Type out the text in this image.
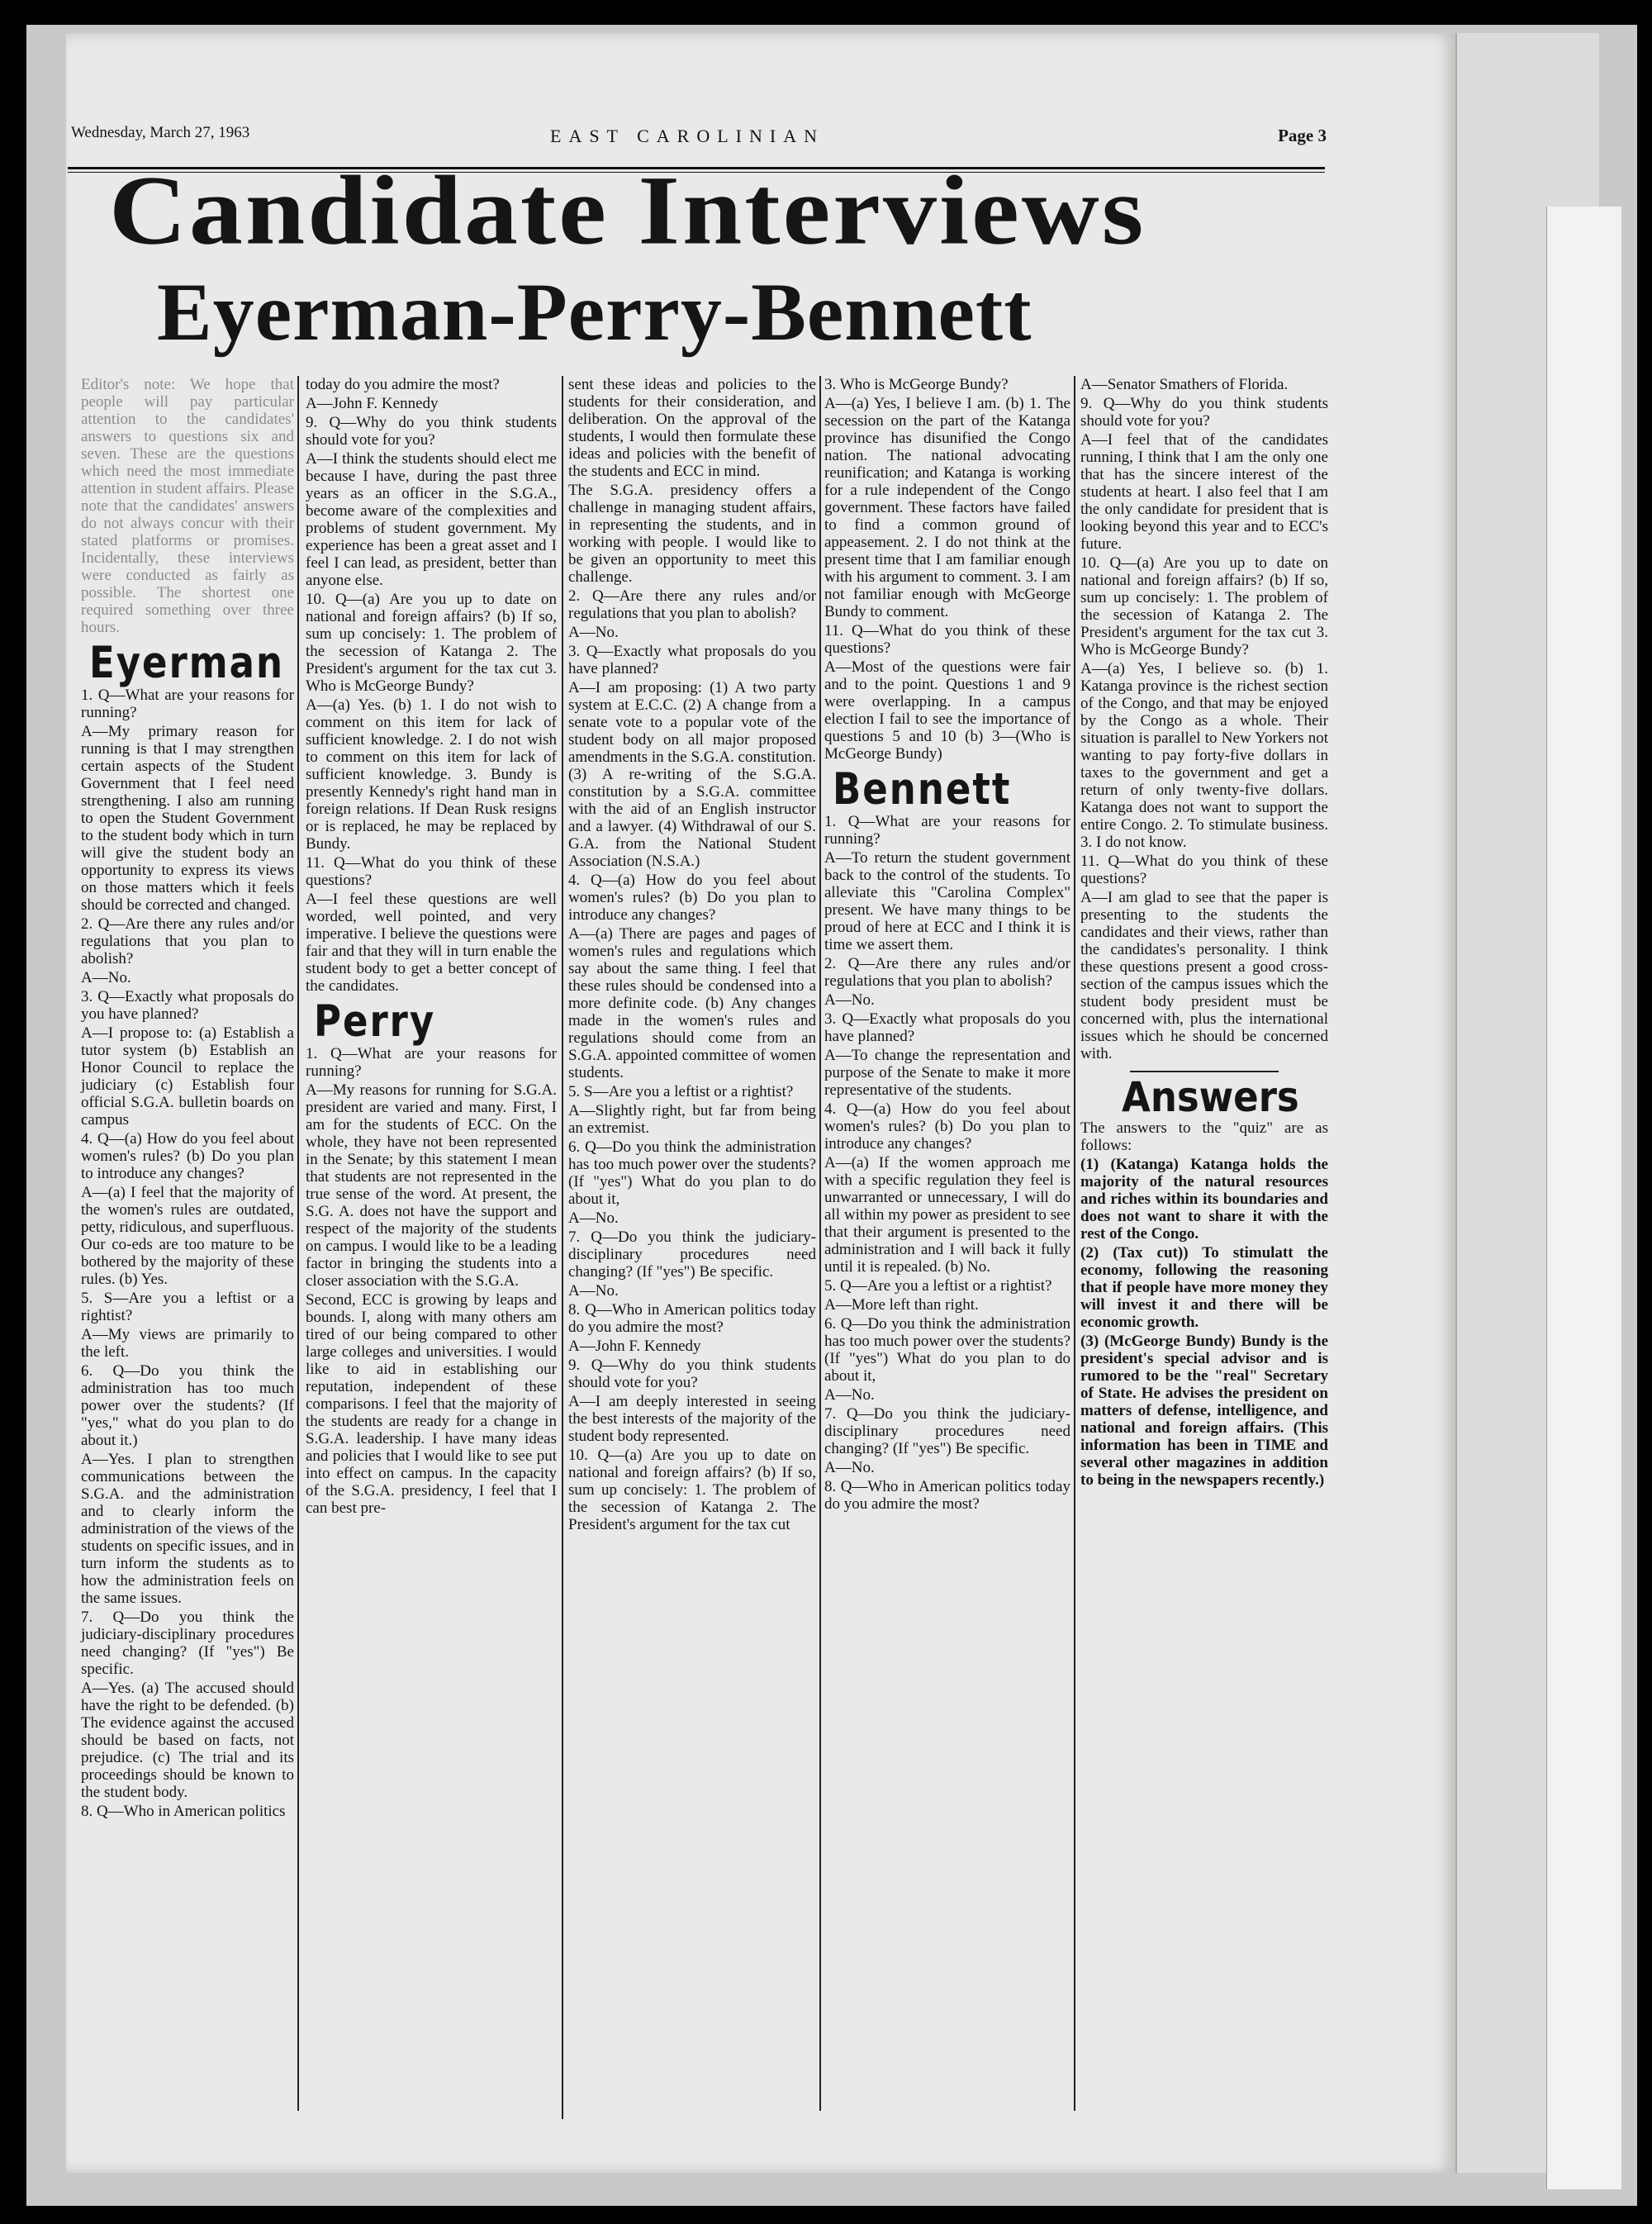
Wednesday, March 27, 1963	EAST CAROLINIAN	Page 3
Candidate Interviews
Eyerman-Perry-Bennett

Editor's note: We hope that people will pay particular attention to the candidates' answers to questions six and seven. These are the questions which need the most immediate attention in student affairs. Please note that the candidates' answers do not always concur with their stated platforms or promises. Incidentally, these interviews were conducted as fairly as possible. The shortest one required something over three hours.

Eyerman

1. Q—What are your reasons for running?

A—My primary reason for running is that I may strengthen certain aspects of the Student Government that I feel need strengthening. I also am running to open the Student Government to the student body which in turn will give the student body an opportunity to express its views on those matters which it feels should be corrected and changed.

2. Q—Are there any rules and/or regulations that you plan to abolish?

A—No.

3. Q—Exactly what proposals do you have planned?

A—I propose to: (a) Establish a tutor system (b) Establish an Honor Council to replace the judiciary (c) Establish four official S.G.A. bulletin boards on campus

4. Q—(a) How do you feel about women's rules? (b) Do you plan to introduce any changes?

A—(a) I feel that the majority of the women's rules are outdated, petty, ridiculous, and superfluous. Our co-eds are too mature to be bothered by the majority of these rules. (b) Yes.

5. S—Are you a leftist or a rightist?

A—My views are primarily to the left.

6. Q—Do you think the administration has too much power over the students? (If "yes," what do you plan to do about it.)

A—Yes. I plan to strengthen communications between the S.G.A. and the administration and to clearly inform the administration of the views of the students on specific issues, and in turn inform the students as to how the administration feels on the same issues.

7. Q—Do you think the judiciary-disciplinary procedures need changing? (If "yes") Be specific.

A—Yes. (a) The accused should have the right to be defended. (b) The evidence against the accused should be based on facts, not prejudice. (c) The trial and its proceedings should be known to the student body.

8. Q—Who in American politics

today do you admire the most?

A—John F. Kennedy

9. Q—Why do you think students should vote for you?

A—I think the students should elect me because I have, during the past three years as an officer in the S.G.A., become aware of the complexities and problems of student government. My experience has been a great asset and I feel I can lead, as president, better than anyone else.

10. Q—(a) Are you up to date on national and foreign affairs? (b) If so, sum up concisely: 1. The problem of the secession of Katanga 2. The President's argument for the tax cut 3. Who is McGeorge Bundy?

A—(a) Yes. (b) 1. I do not wish to comment on this item for lack of sufficient knowledge. 2. I do not wish to comment on this item for lack of sufficient knowledge. 3. Bundy is presently Kennedy's right hand man in foreign relations. If Dean Rusk resigns or is replaced, he may be replaced by Bundy.

11. Q—What do you think of these questions?

A—I feel these questions are well worded, well pointed, and very imperative. I believe the questions were fair and that they will in turn enable the student body to get a better concept of the candidates.

Perry

1. Q—What are your reasons for running?

A—My reasons for running for S.G.A. president are varied and many. First, I am for the students of ECC. On the whole, they have not been represented in the Senate; by this statement I mean that students are not represented in the true sense of the word. At present, the S.G. A. does not have the support and respect of the majority of the students on campus. I would like to be a leading factor in bringing the students into a closer association with the S.G.A.

Second, ECC is growing by leaps and bounds. I, along with many others am tired of our being compared to other large colleges and universities. I would like to aid in establishing our reputation, independent of these comparisons. I feel that the majority of the students are ready for a change in S.G.A. leadership. I have many ideas and policies that I would like to see put into effect on campus. In the capacity of the S.G.A. presidency, I feel that I can best pre-

sent these ideas and policies to the students for their consideration, and deliberation. On the approval of the students, I would then formulate these ideas and policies with the benefit of the students and ECC in mind.

The S.G.A. presidency offers a challenge in managing student affairs, in representing the students, and in working with people. I would like to be given an opportunity to meet this challenge.

2. Q—Are there any rules and/or regulations that you plan to abolish?

A—No.

3. Q—Exactly what proposals do you have planned?

A—I am proposing: (1) A two party system at E.C.C. (2) A change from a senate vote to a popular vote of the student body on all major proposed amendments in the S.G.A. constitution. (3) A re-writing of the S.G.A. constitution by a S.G.A. committee with the aid of an English instructor and a lawyer. (4) Withdrawal of our S. G.A. from the National Student Association (N.S.A.)

4. Q—(a) How do you feel about women's rules? (b) Do you plan to introduce any changes?

A—(a) There are pages and pages of women's rules and regulations which say about the same thing. I feel that these rules should be condensed into a more definite code. (b) Any changes made in the women's rules and regulations should come from an S.G.A. appointed committee of women students.

5. S—Are you a leftist or a rightist?

A—Slightly right, but far from being an extremist.

6. Q—Do you think the administration has too much power over the students? (If "yes") What do you plan to do about it,

A—No.

7. Q—Do you think the judiciary-disciplinary procedures need changing? (If "yes") Be specific.

A—No.

8. Q—Who in American politics today do you admire the most?

A—John F. Kennedy

9. Q—Why do you think students should vote for you?

A—I am deeply interested in seeing the best interests of the majority of the student body represented.

10. Q—(a) Are you up to date on national and foreign affairs? (b) If so, sum up concisely: 1. The problem of the secession of Katanga 2. The President's argument for the tax cut

3. Who is McGeorge Bundy?

A—(a) Yes, I believe I am. (b) 1. The secession on the part of the Katanga province has disunified the Congo nation. The national advocating reunification; and Katanga is working for a rule independent of the Congo government. These factors have failed to find a common ground of appeasement. 2. I do not think at the present time that I am familiar enough with his argument to comment. 3. I am not familiar enough with McGeorge Bundy to comment.

11. Q—What do you think of these questions?

A—Most of the questions were fair and to the point. Questions 1 and 9 were overlapping. In a campus election I fail to see the importance of questions 5 and 10 (b) 3—(Who is McGeorge Bundy)

Bennett

1. Q—What are your reasons for running?

A—To return the student government back to the control of the students. To alleviate this "Carolina Complex" present. We have many things to be proud of here at ECC and I think it is time we assert them.

2. Q—Are there any rules and/or regulations that you plan to abolish?

A—No.

3. Q—Exactly what proposals do you have planned?

A—To change the representation and purpose of the Senate to make it more representative of the students.

4. Q—(a) How do you feel about women's rules? (b) Do you plan to introduce any changes?

A—(a) If the women approach me with a specific regulation they feel is unwarranted or unnecessary, I will do all within my power as president to see that their argument is presented to the administration and I will back it fully until it is repealed. (b) No.

5. Q—Are you a leftist or a rightist?

A—More left than right.

6. Q—Do you think the administration has too much power over the students? (If "yes") What do you plan to do about it,

A—No.

7. Q—Do you think the judiciary-disciplinary procedures need changing? (If "yes") Be specific.

A—No.

8. Q—Who in American politics today do you admire the most?

A—Senator Smathers of Florida.

9. Q—Why do you think students should vote for you?

A—I feel that of the candidates running, I think that I am the only one that has the sincere interest of the students at heart. I also feel that I am the only candidate for president that is looking beyond this year and to ECC's future.

10. Q—(a) Are you up to date on national and foreign affairs? (b) If so, sum up concisely: 1. The problem of the secession of Katanga 2. The President's argument for the tax cut 3. Who is McGeorge Bundy?

A—(a) Yes, I believe so. (b) 1. Katanga province is the richest section of the Congo, and that may be enjoyed by the Congo as a whole. Their situation is parallel to New Yorkers not wanting to pay forty-five dollars in taxes to the government and get a return of only twenty-five dollars. Katanga does not want to support the entire Congo. 2. To stimulate business. 3. I do not know.

11. Q—What do you think of these questions?

A—I am glad to see that the paper is presenting to the students the candidates and their views, rather than the candidates's personality. I think these questions present a good cross-section of the campus issues which the student body president must be concerned with, plus the international issues which he should be concerned with.

Answers

The answers to the "quiz" are as follows:

(1) (Katanga) Katanga holds the majority of the natural resources and riches within its boundaries and does not want to share it with the rest of the Congo.

(2) (Tax cut)) To stimulatt the economy, following the reasoning that if people have more money they will invest it and there will be economic growth.

(3) (McGeorge Bundy) Bundy is the president's special advisor and is rumored to be the "real" Secretary of State. He advises the president on matters of defense, intelligence, and national and foreign affairs. (This information has been in TIME and several other magazines in addition to being in the newspapers recently.)
